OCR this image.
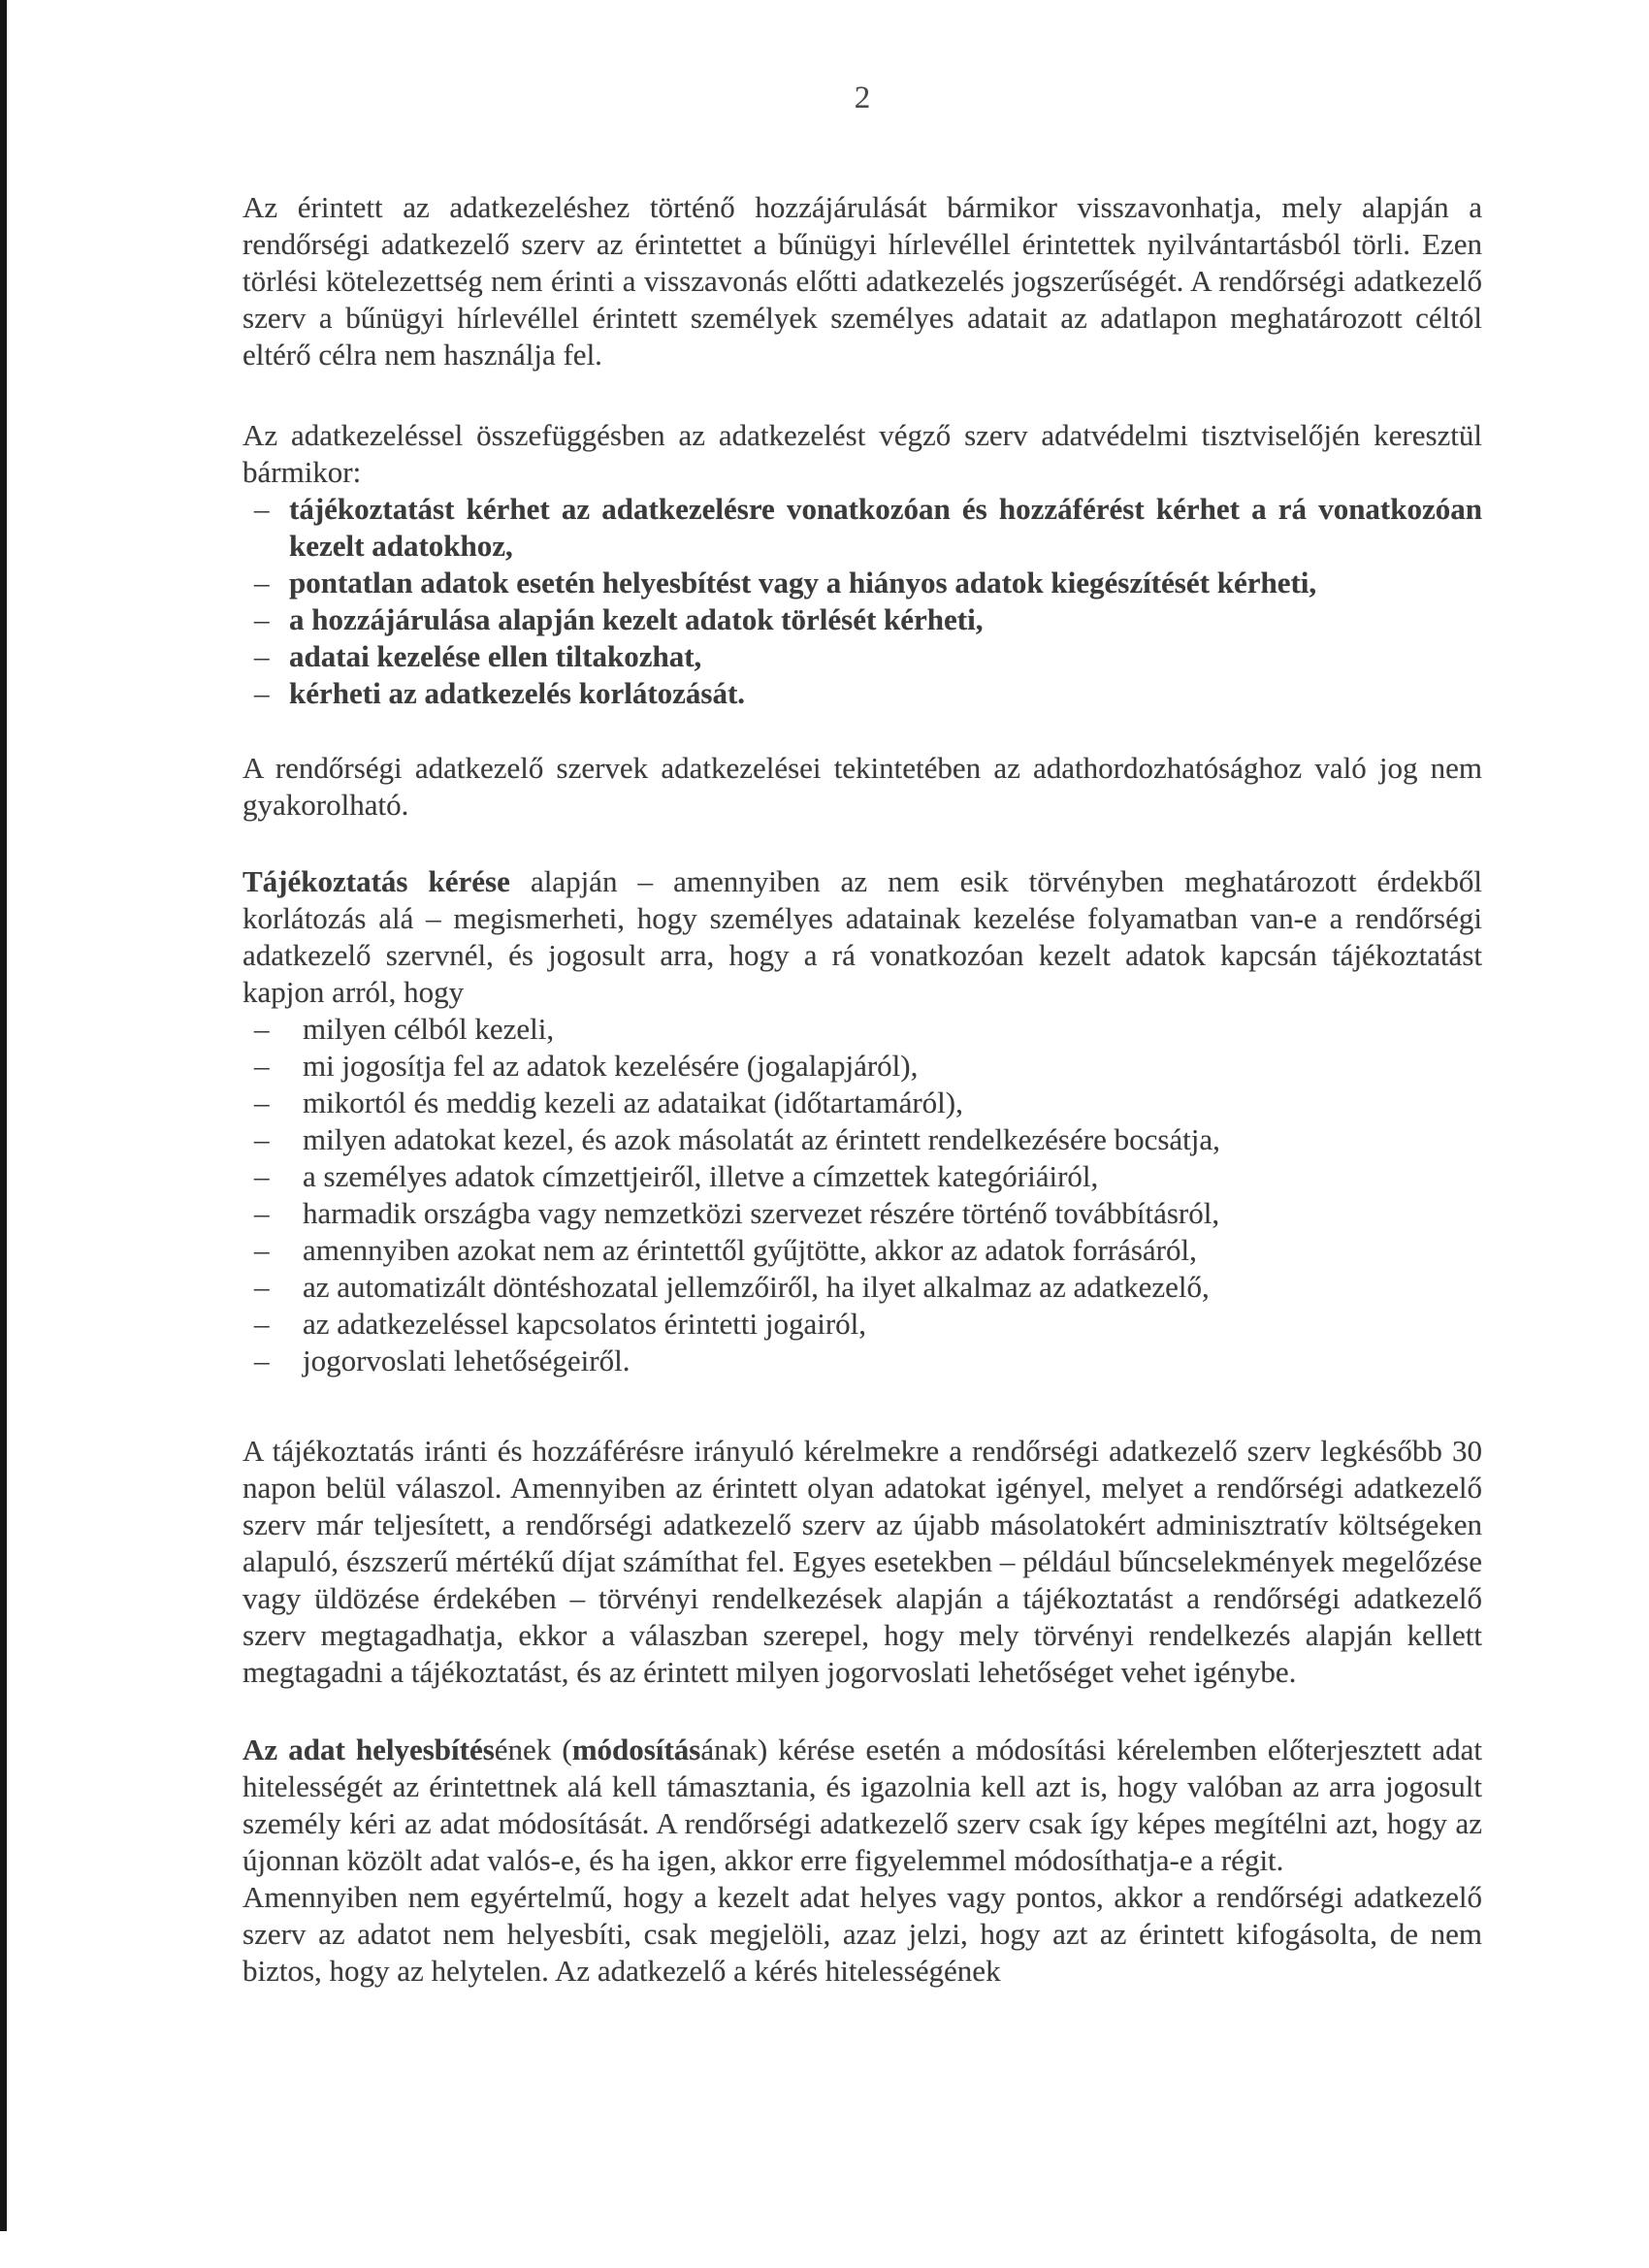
2

Az érintett az adatkezeléshez történő hozzájárulását bármikor visszavonhatja, mely alapján a rendőrségi adatkezelő szerv az érintettet a bűnügyi hírlevéllel érintettek nyilvántartásból törli. Ezen törlési kötelezettség nem érinti a visszavonás előtti adatkezelés jogszerűségét. A rendőrségi adatkezelő szerv a bűnügyi hírlevéllel érintett személyek személyes adatait az adatlapon meghatározott céltól eltérő célra nem használja fel.

Az adatkezeléssel összefüggésben az adatkezelést végző szerv adatvédelmi tisztviselőjén keresztül bármikor:

– tájékoztatást kérhet az adatkezelésre vonatkozóan és hozzáférést kérhet a rá vonatkozóan kezelt adatokhoz,
– pontatlan adatok esetén helyesbítést vagy a hiányos adatok kiegészítését kérheti,
– a hozzájárulása alapján kezelt adatok törlését kérheti,
– adatai kezelése ellen tiltakozhat,
– kérheti az adatkezelés korlátozását.

A rendőrségi adatkezelő szervek adatkezelései tekintetében az adathordozhatósághoz való jog nem gyakorolható.

Tájékoztatás kérése alapján – amennyiben az nem esik törvényben meghatározott érdekből korlátozás alá – megismerheti, hogy személyes adatainak kezelése folyamatban van-e a rendőrségi adatkezelő szervnél, és jogosult arra, hogy a rá vonatkozóan kezelt adatok kapcsán tájékoztatást kapjon arról, hogy

– milyen célból kezeli,
– mi jogosítja fel az adatok kezelésére (jogalapjáról),
– mikortól és meddig kezeli az adataikat (időtartamáról),
– milyen adatokat kezel, és azok másolatát az érintett rendelkezésére bocsátja,
– a személyes adatok címzettjeiről, illetve a címzettek kategóriáiról,
– harmadik országba vagy nemzetközi szervezet részére történő továbbításról,
– amennyiben azokat nem az érintettől gyűjtötte, akkor az adatok forrásáról,
– az automatizált döntéshozatal jellemzőiről, ha ilyet alkalmaz az adatkezelő,
– az adatkezeléssel kapcsolatos érintetti jogairól,
– jogorvoslati lehetőségeiről.

A tájékoztatás iránti és hozzáférésre irányuló kérelmekre a rendőrségi adatkezelő szerv legkésőbb 30 napon belül válaszol. Amennyiben az érintett olyan adatokat igényel, melyet a rendőrségi adatkezelő szerv már teljesített, a rendőrségi adatkezelő szerv az újabb másolatokért adminisztratív költségeken alapuló, észszerű mértékű díjat számíthat fel. Egyes esetekben – például bűncselekmények megelőzése vagy üldözése érdekében – törvényi rendelkezések alapján a tájékoztatást a rendőrségi adatkezelő szerv megtagadhatja, ekkor a válaszban szerepel, hogy mely törvényi rendelkezés alapján kellett megtagadni a tájékoztatást, és az érintett milyen jogorvoslati lehetőséget vehet igénybe.

Az adat helyesbítésének (módosításának) kérése esetén a módosítási kérelemben előterjesztett adat hitelességét az érintettnek alá kell támasztania, és igazolnia kell azt is, hogy valóban az arra jogosult személy kéri az adat módosítását. A rendőrségi adatkezelő szerv csak így képes megítélni azt, hogy az újonnan közölt adat valós-e, és ha igen, akkor erre figyelemmel módosíthatja-e a régit.

Amennyiben nem egyértelmű, hogy a kezelt adat helyes vagy pontos, akkor a rendőrségi adatkezelő szerv az adatot nem helyesbíti, csak megjelöli, azaz jelzi, hogy azt az érintett kifogásolta, de nem biztos, hogy az helytelen. Az adatkezelő a kérés hitelességének
